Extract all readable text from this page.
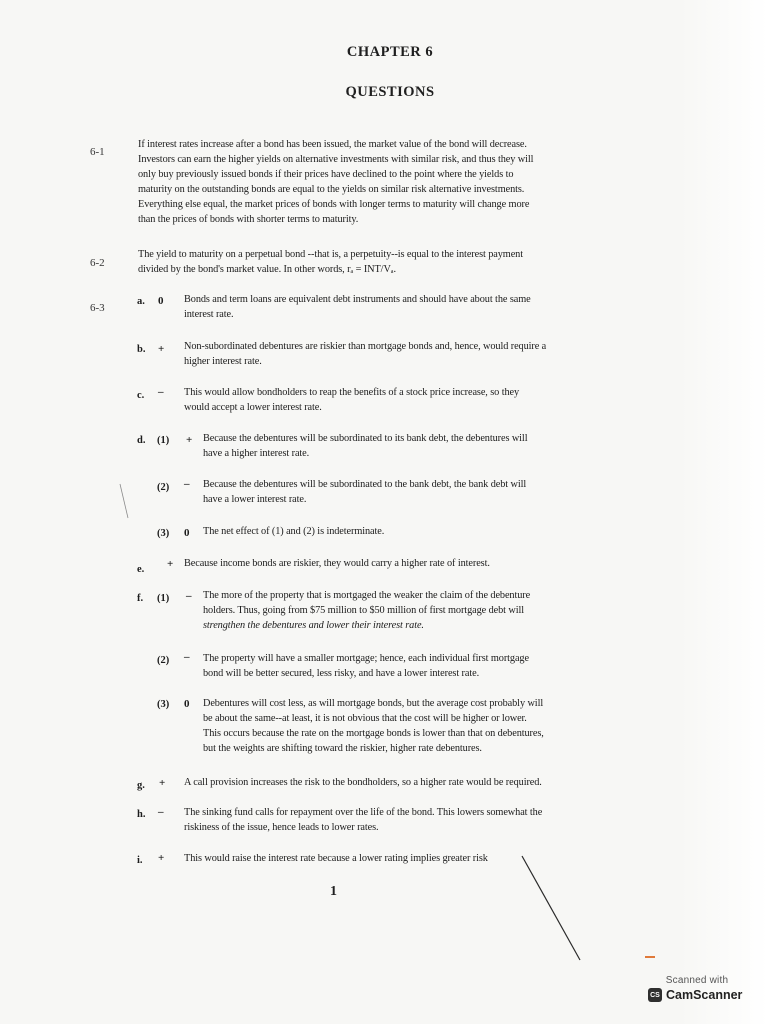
CHAPTER 6
QUESTIONS
6-1
If interest rates increase after a bond has been issued, the market value of the bond will decrease.
Investors can earn the higher yields on alternative investments with similar risk, and thus they will
only buy previously issued bonds if their prices have declined to the point where the yields to
maturity on the outstanding bonds are equal to the yields on similar risk alternative investments.
Everything else equal, the market prices of bonds with longer terms to maturity will change more
than the prices of bonds with shorter terms to maturity.
6-2
The yield to maturity on a perpetual bond --that is, a perpetuity--is equal to the interest payment
divided by the bond's market value. In other words, rₐ = INT/Vₐ.
6-3
a. 0 Bonds and term loans are equivalent debt instruments and should have about the same
interest rate.
b. + Non-subordinated debentures are riskier than mortgage bonds and, hence, would require a
higher interest rate.
c. – This would allow bondholders to reap the benefits of a stock price increase, so they
would accept a lower interest rate.
d. (1) + Because the debentures will be subordinated to its bank debt, the debentures will
have a higher interest rate.
(2) – Because the debentures will be subordinated to the bank debt, the bank debt will
have a lower interest rate.
(3) 0 The net effect of (1) and (2) is indeterminate.
e. + Because income bonds are riskier, they would carry a higher rate of interest.
f. (1) – The more of the property that is mortgaged the weaker the claim of the debenture
holders. Thus, going from $75 million to $50 million of first mortgage debt will
strengthen the debentures and lower their interest rate.
(2) – The property will have a smaller mortgage; hence, each individual first mortgage
bond will be better secured, less risky, and have a lower interest rate.
(3) 0 Debentures will cost less, as will mortgage bonds, but the average cost probably will
be about the same--at least, it is not obvious that the cost will be higher or lower.
This occurs because the rate on the mortgage bonds is lower than that on debentures,
but the weights are shifting toward the riskier, higher rate debentures.
g. + A call provision increases the risk to the bondholders, so a higher rate would be required.
h. – The sinking fund calls for repayment over the life of the bond. This lowers somewhat the
riskiness of the issue, hence leads to lower rates.
i. + This would raise the interest rate because a lower rating implies greater risk
1
Scanned with
CS CamScanner
